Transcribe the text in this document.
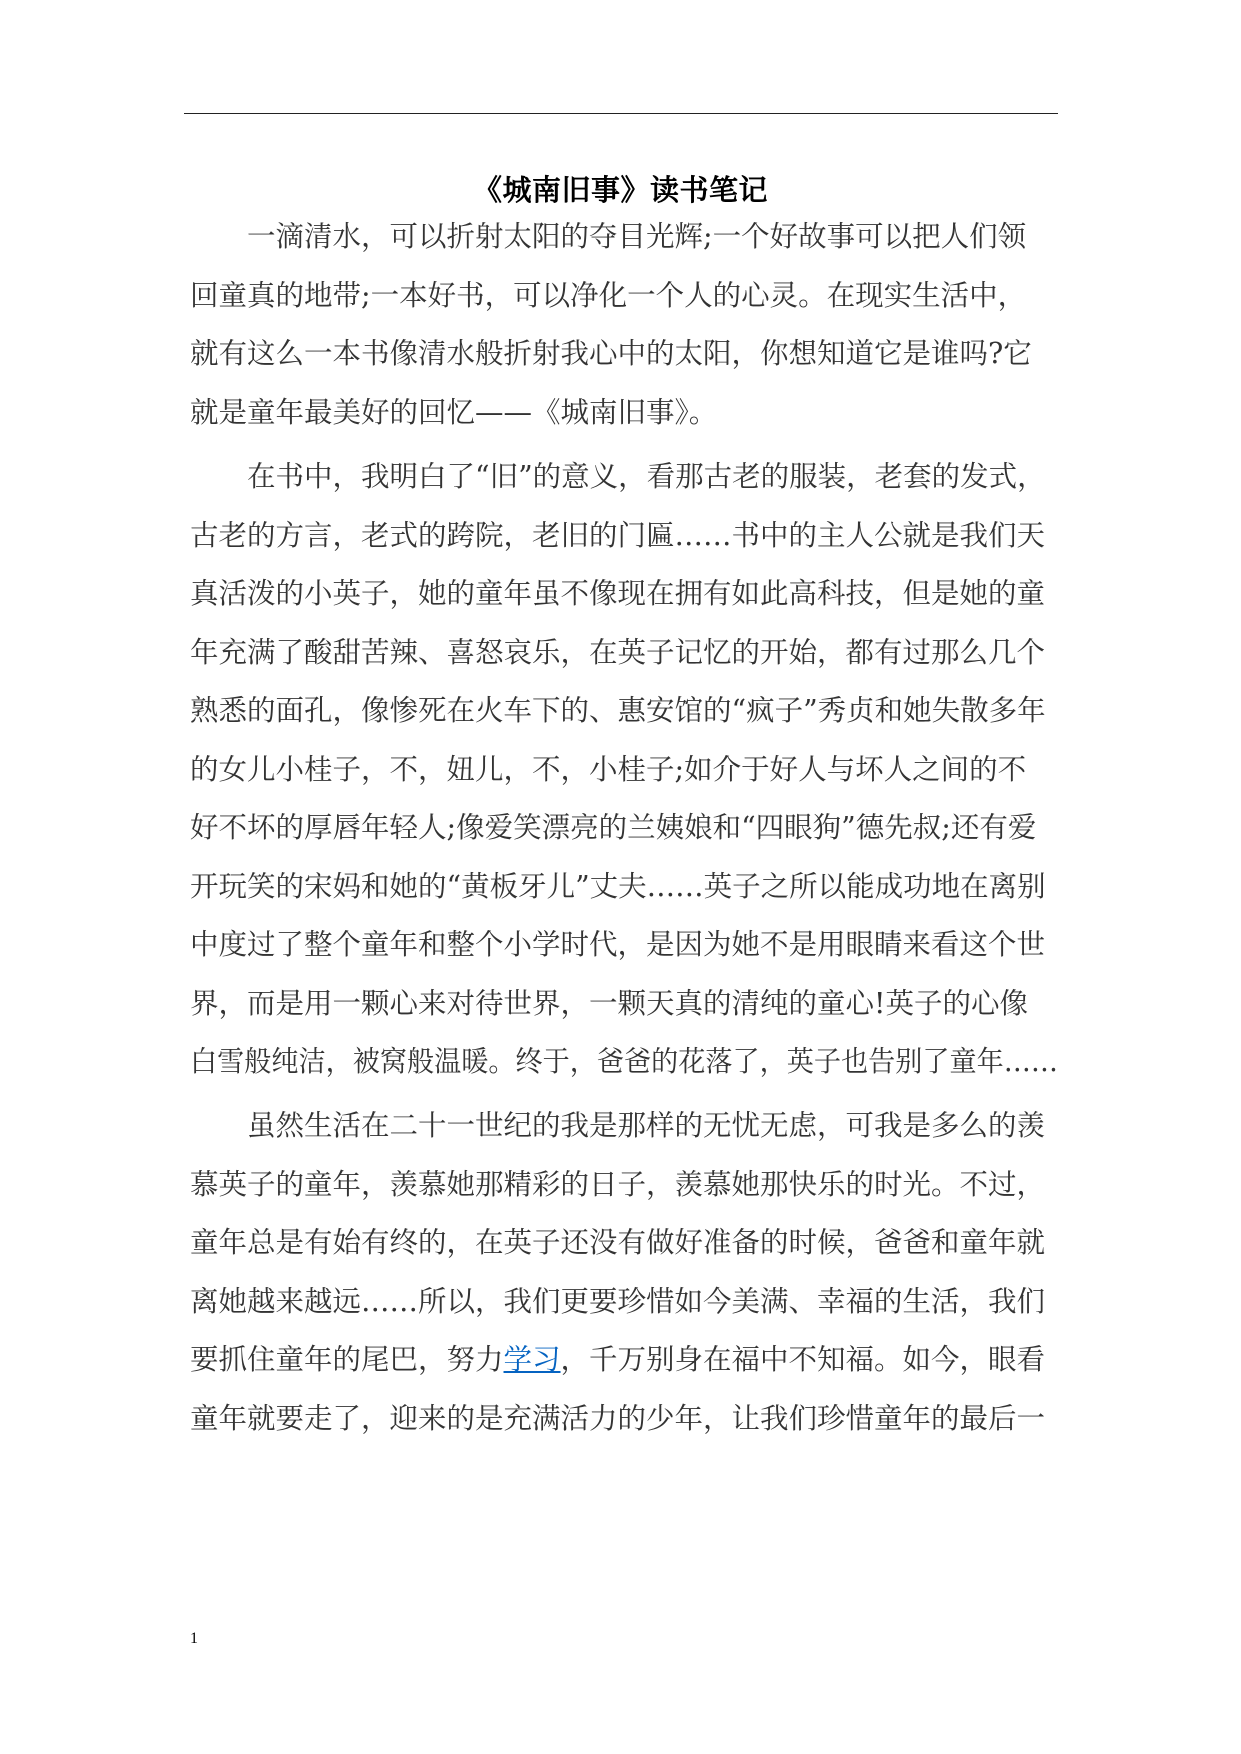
《城南旧事》读书笔记
一滴清水，可以折射太阳的夺目光辉;一个好故事可以把人们领
回童真的地带;一本好书，可以净化一个人的心灵。在现实生活中，
就有这么一本书像清水般折射我心中的太阳，你想知道它是谁吗?它
就是童年最美好的回忆——《城南旧事》。
在书中，我明白了“旧”的意义，看那古老的服装，老套的发式，
古老的方言，老式的跨院，老旧的门匾……书中的主人公就是我们天
真活泼的小英子，她的童年虽不像现在拥有如此高科技，但是她的童
年充满了酸甜苦辣、喜怒哀乐，在英子记忆的开始，都有过那么几个
熟悉的面孔，像惨死在火车下的、惠安馆的“疯子”秀贞和她失散多年
的女儿小桂子，不，妞儿，不，小桂子;如介于好人与坏人之间的不
好不坏的厚唇年轻人;像爱笑漂亮的兰姨娘和“四眼狗”德先叔;还有爱
开玩笑的宋妈和她的“黄板牙儿”丈夫……英子之所以能成功地在离别
中度过了整个童年和整个小学时代，是因为她不是用眼睛来看这个世
界，而是用一颗心来对待世界，一颗天真的清纯的童心!英子的心像
白雪般纯洁，被窝般温暖。终于，爸爸的花落了，英子也告别了童年……
虽然生活在二十一世纪的我是那样的无忧无虑，可我是多么的羡
慕英子的童年，羡慕她那精彩的日子，羡慕她那快乐的时光。不过，
童年总是有始有终的，在英子还没有做好准备的时候，爸爸和童年就
离她越来越远……所以，我们更要珍惜如今美满、幸福的生活，我们
要抓住童年的尾巴，努力学习，千万别身在福中不知福。如今，眼看
童年就要走了，迎来的是充满活力的少年，让我们珍惜童年的最后一
1
